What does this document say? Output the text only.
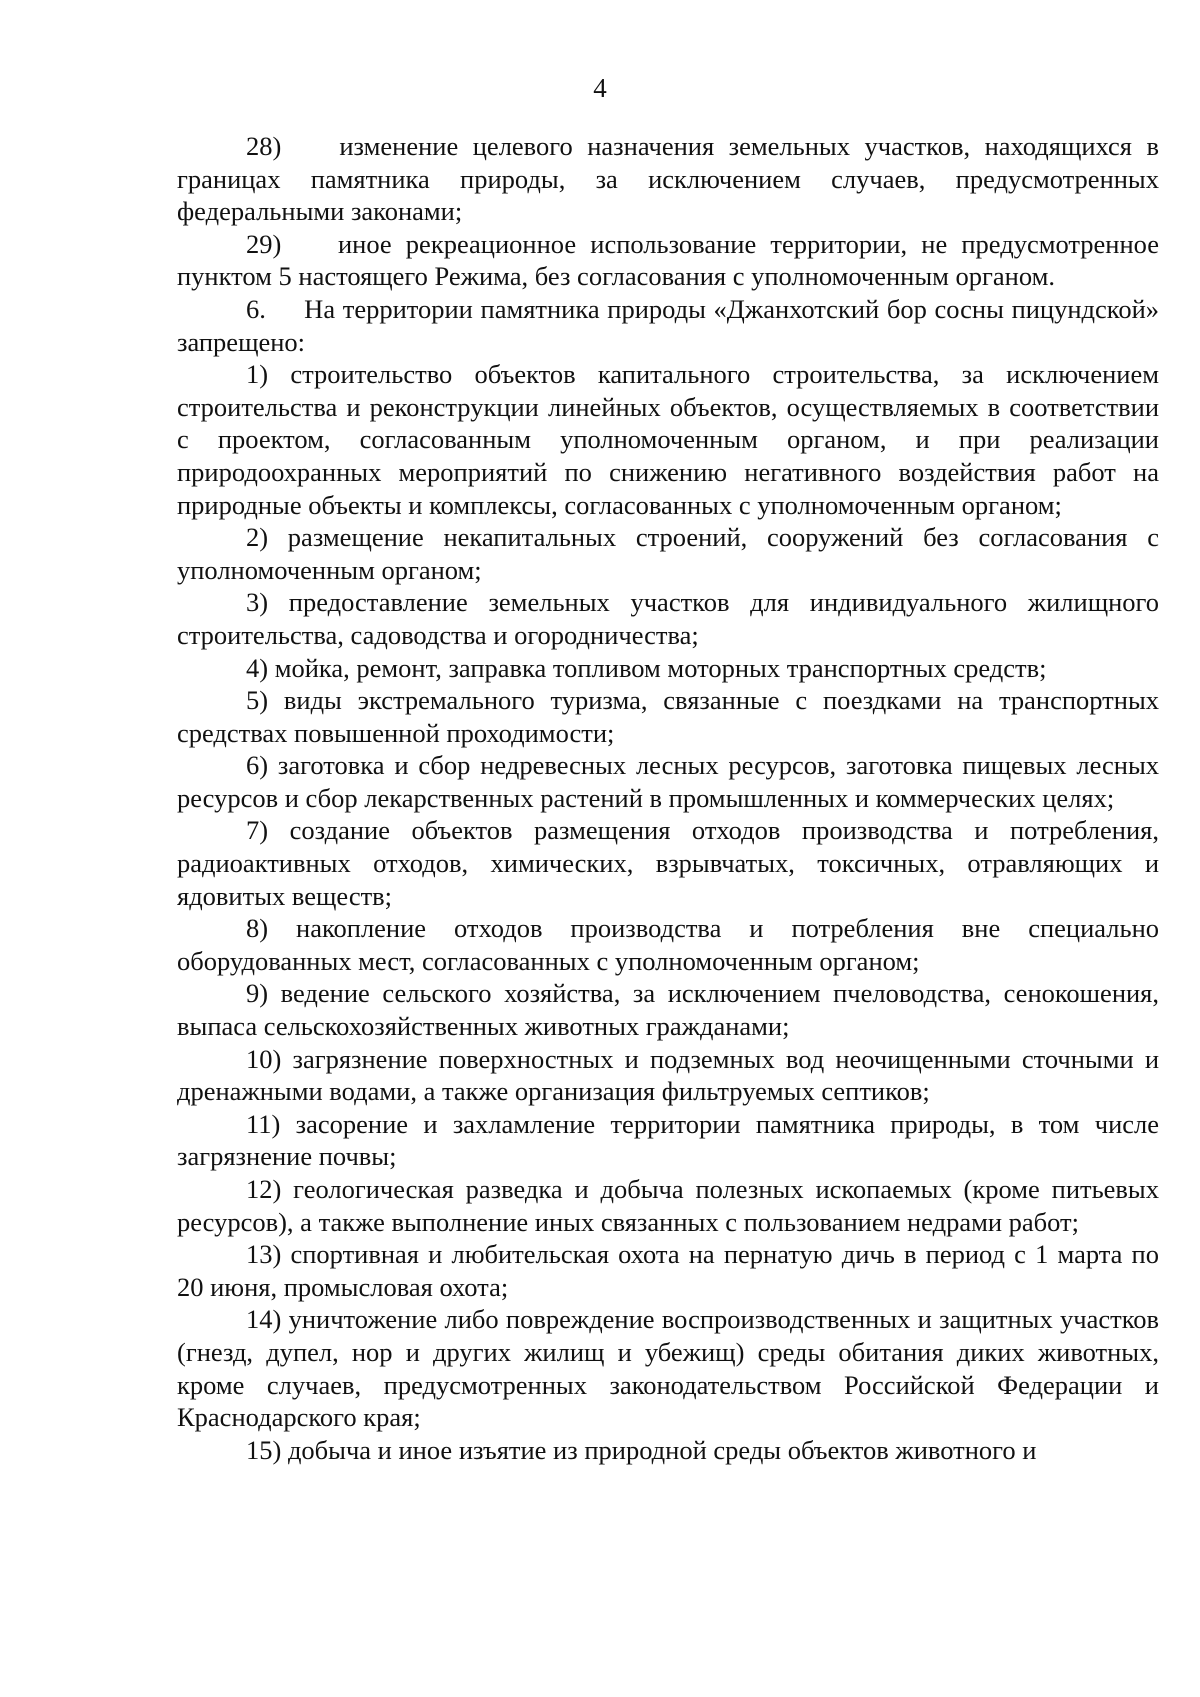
4

28)    изменение целевого назначения земельных участков, находящихся в границах памятника природы, за исключением случаев, предусмотренных федеральными законами;

29)    иное рекреационное использование территории, не предусмотренное пунктом 5 настоящего Режима, без согласования с уполномоченным органом.

6.     На территории памятника природы «Джанхотский бор сосны пицундской» запрещено:

1) строительство объектов капитального строительства, за исключением строительства и реконструкции линейных объектов, осуществляемых в соответствии с проектом, согласованным уполномоченным органом, и при реализации природоохранных мероприятий по снижению негативного воздействия работ на природные объекты и комплексы, согласованных с уполномоченным органом;

2) размещение некапитальных строений, сооружений без согласования с уполномоченным органом;

3) предоставление земельных участков для индивидуального жилищного строительства, садоводства и огородничества;

4) мойка, ремонт, заправка топливом моторных транспортных средств;

5) виды экстремального туризма, связанные с поездками на транспортных средствах повышенной проходимости;

6) заготовка и сбор недревесных лесных ресурсов, заготовка пищевых лесных ресурсов и сбор лекарственных растений в промышленных и коммерческих целях;

7) создание объектов размещения отходов производства и потребления, радиоактивных отходов, химических, взрывчатых, токсичных, отравляющих и ядовитых веществ;

8) накопление отходов производства и потребления вне специально оборудованных мест, согласованных с уполномоченным органом;

9) ведение сельского хозяйства, за исключением пчеловодства, сенокошения, выпаса сельскохозяйственных животных гражданами;

10) загрязнение поверхностных и подземных вод неочищенными сточными и дренажными водами, а также организация фильтруемых септиков;

11) засорение и захламление территории памятника природы, в том числе загрязнение почвы;

12) геологическая разведка и добыча полезных ископаемых (кроме питьевых ресурсов), а также выполнение иных связанных с пользованием недрами работ;

13) спортивная и любительская охота на пернатую дичь в период с 1 марта по 20 июня, промысловая охота;

14) уничтожение либо повреждение воспроизводственных и защитных участков (гнезд, дупел, нор и других жилищ и убежищ) среды обитания диких животных, кроме случаев, предусмотренных законодательством Российской Федерации и Краснодарского края;

15) добыча и иное изъятие из природной среды объектов животного и
